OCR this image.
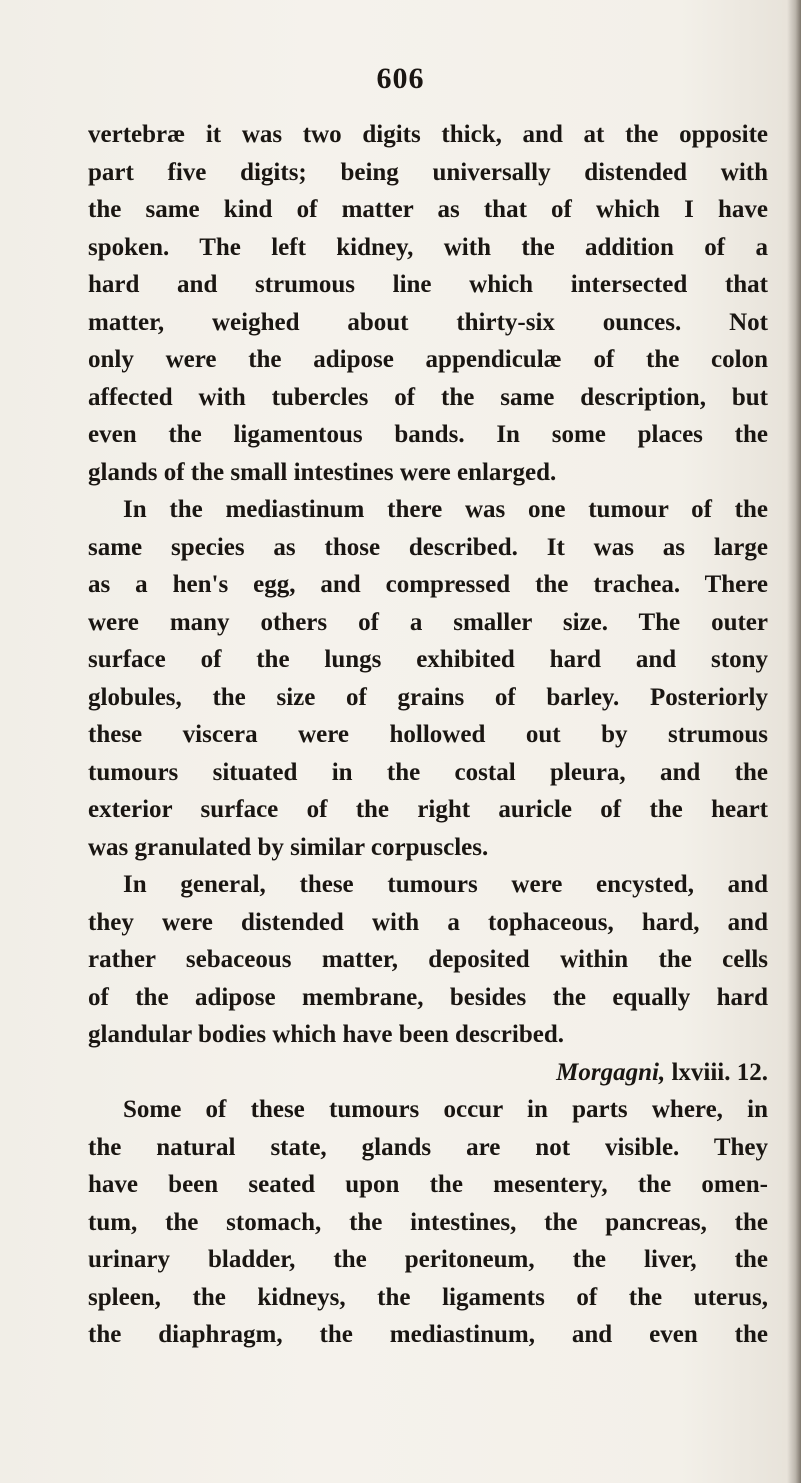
606
vertebræ it was two digits thick, and at the opposite
part five digits; being universally distended with
the same kind of matter as that of which I have
spoken. The left kidney, with the addition of a
hard and strumous line which intersected that
matter, weighed about thirty-six ounces. Not
only were the adipose appendiculæ of the colon
affected with tubercles of the same description, but
even the ligamentous bands. In some places the
glands of the small intestines were enlarged.
In the mediastinum there was one tumour of the
same species as those described. It was as large
as a hen's egg, and compressed the trachea. There
were many others of a smaller size. The outer
surface of the lungs exhibited hard and stony
globules, the size of grains of barley. Posteriorly
these viscera were hollowed out by strumous
tumours situated in the costal pleura, and the
exterior surface of the right auricle of the heart
was granulated by similar corpuscles.
In general, these tumours were encysted, and
they were distended with a tophaceous, hard, and
rather sebaceous matter, deposited within the cells
of the adipose membrane, besides the equally hard
glandular bodies which have been described.
Morgagni, lxviii. 12.
Some of these tumours occur in parts where, in
the natural state, glands are not visible. They
have been seated upon the mesentery, the omen-
tum, the stomach, the intestines, the pancreas, the
urinary bladder, the peritoneum, the liver, the
spleen, the kidneys, the ligaments of the uterus,
the diaphragm, the mediastinum, and even the
